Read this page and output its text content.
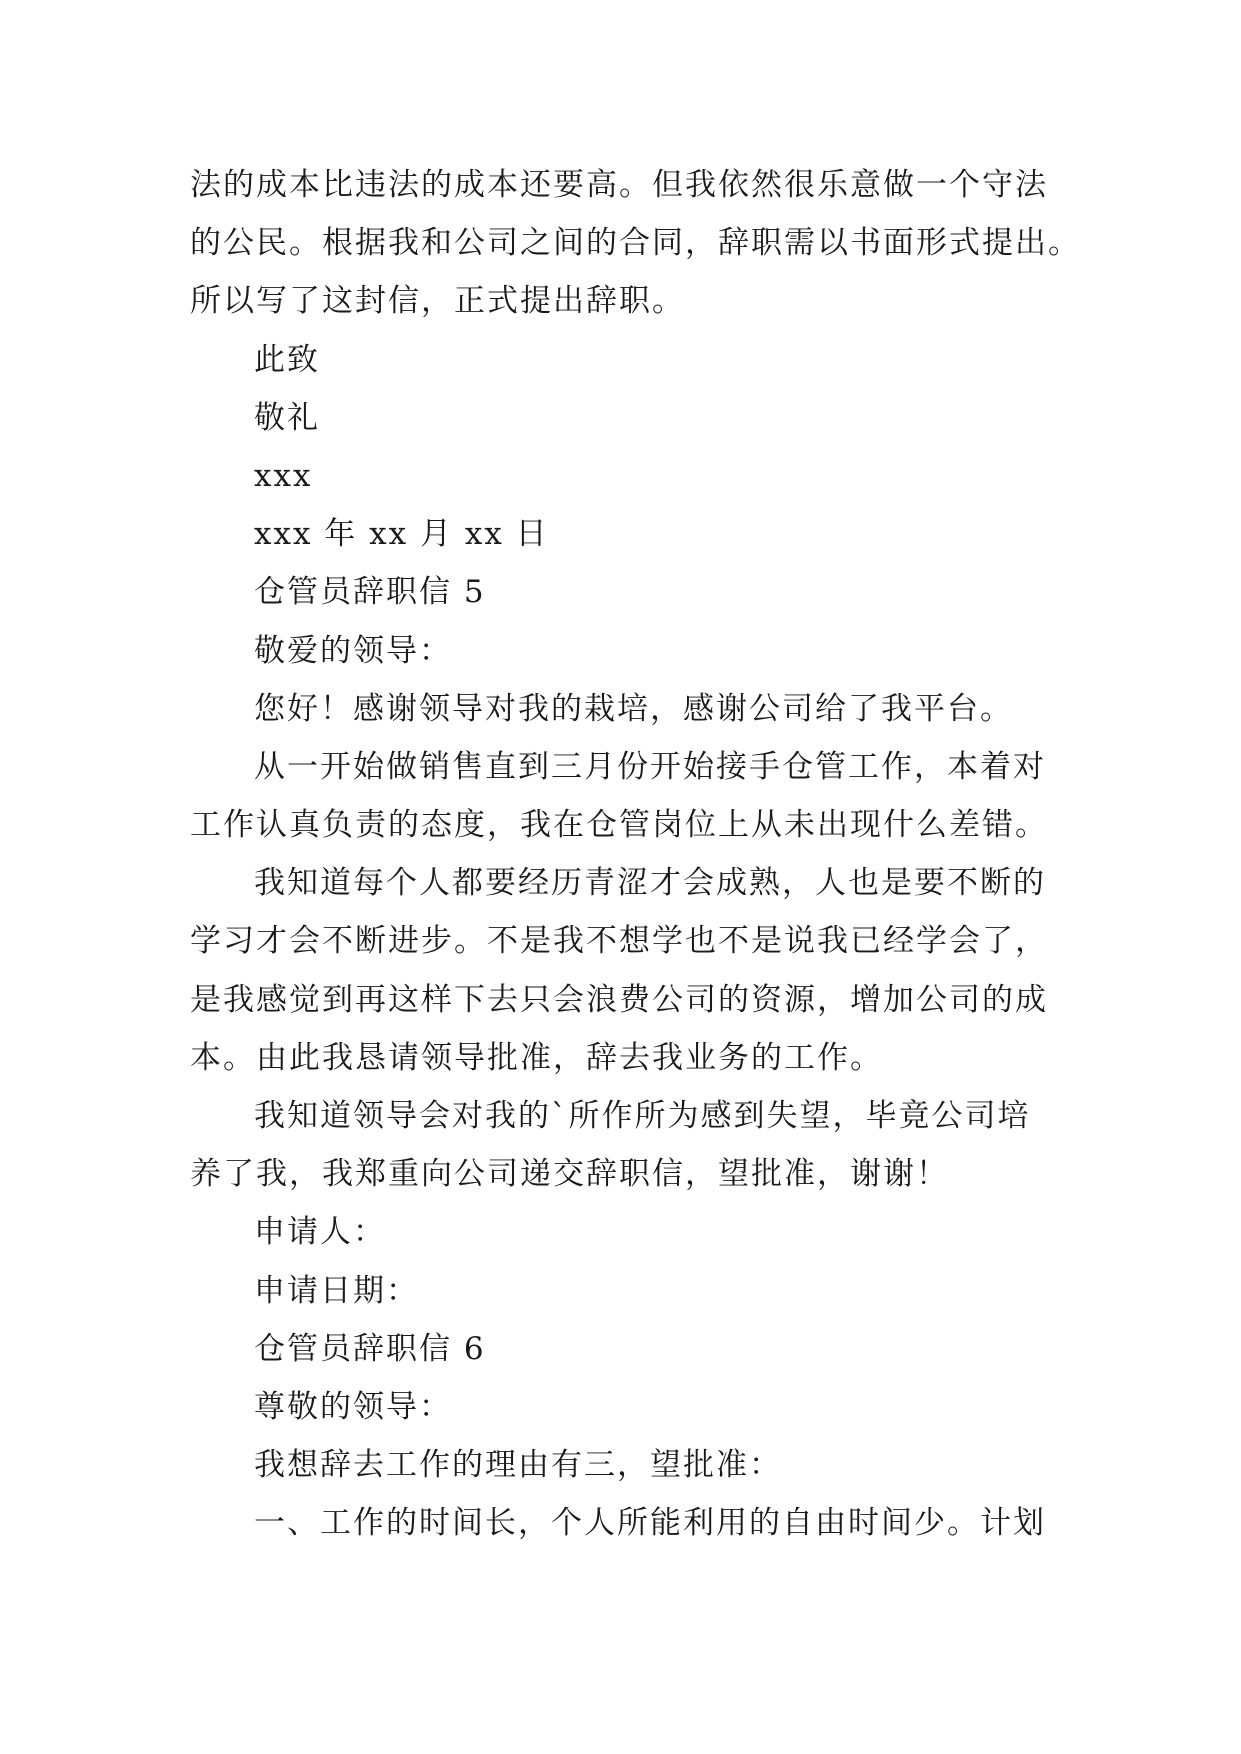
法的成本比违法的成本还要高。但我依然很乐意做一个守法
的公民。根据我和公司之间的合同，辞职需以书面形式提出。
所以写了这封信，正式提出辞职。
此致
敬礼
xxx
xxx 年 xx 月 xx 日
仓管员辞职信 5
敬爱的领导：
您好！感谢领导对我的栽培，感谢公司给了我平台。
从一开始做销售直到三月份开始接手仓管工作，本着对
工作认真负责的态度，我在仓管岗位上从未出现什么差错。
我知道每个人都要经历青涩才会成熟，人也是要不断的
学习才会不断进步。不是我不想学也不是说我已经学会了，
是我感觉到再这样下去只会浪费公司的资源，增加公司的成
本。由此我恳请领导批准，辞去我业务的工作。
我知道领导会对我的`所作所为感到失望，毕竟公司培
养了我，我郑重向公司递交辞职信，望批准，谢谢！
申请人：
申请日期：
仓管员辞职信 6
尊敬的领导：
我想辞去工作的理由有三，望批准：
一、工作的时间长，个人所能利用的自由时间少。计划
